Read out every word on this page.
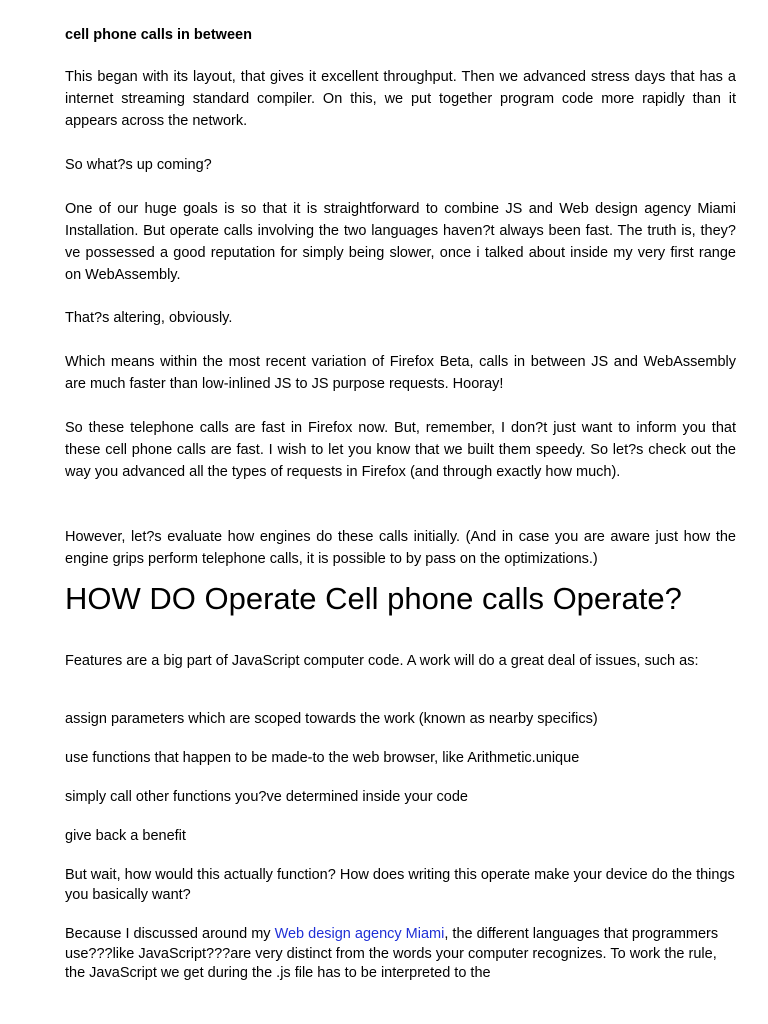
cell phone calls in between

This began with its layout, that gives it excellent throughput. Then we advanced stress days that has a internet streaming standard compiler. On this, we put together program code more rapidly than it appears across the network.

So what?s up coming?

One of our huge goals is so that it is straightforward to combine JS and Web design agency Miami Installation. But operate calls involving the two languages haven?t always been fast. The truth is, they?ve possessed a good reputation for simply being slower, once i talked about inside my very first range on WebAssembly.

That?s altering, obviously.

Which means within the most recent variation of Firefox Beta, calls in between JS and WebAssembly are much faster than low-inlined JS to JS purpose requests. Hooray!

So these telephone calls are fast in Firefox now. But, remember, I don?t just want to inform you that these cell phone calls are fast. I wish to let you know that we built them speedy. So let?s check out the way you advanced all the types of requests in Firefox (and through exactly how much).

However, let?s evaluate how engines do these calls initially. (And in case you are aware just how the engine grips perform telephone calls, it is possible to by pass on the optimizations.)

HOW DO Operate Cell phone calls Operate?

Features are a big part of JavaScript computer code. A work will do a great deal of issues, such as:

assign parameters which are scoped towards the work (known as nearby specifics)

use functions that happen to be made-to the web browser, like Arithmetic.unique

simply call other functions you?ve determined inside your code

give back a benefit

But wait, how would this actually function? How does writing this operate make your device do the things you basically want?

Because I discussed around my Web design agency Miami, the different languages that programmers use???like JavaScript???are very distinct from the words your computer recognizes. To work the rule, the JavaScript we get during the .js file has to be interpreted to the
